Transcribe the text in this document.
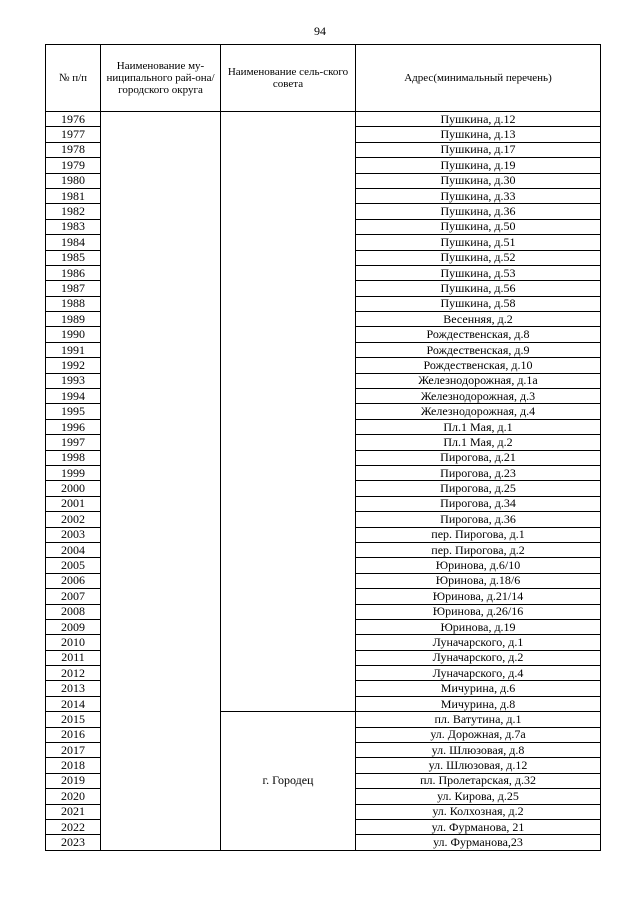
94
№ п/п	Наименование му-ниципального рай-она/ городского округа	Наименование сель-ского совета	Адрес(минимальный перечень)
1976			Пушкина, д.12
1977			Пушкина, д.13
1978			Пушкина, д.17
1979			Пушкина, д.19
1980			Пушкина, д.30
1981			Пушкина, д.33
1982			Пушкина, д.36
1983			Пушкина, д.50
1984			Пушкина, д.51
1985			Пушкина, д.52
1986			Пушкина, д.53
1987			Пушкина, д.56
1988			Пушкина, д.58
1989			Весенняя, д.2
1990			Рождественская, д.8
1991			Рождественская, д.9
1992			Рождественская, д.10
1993			Железнодорожная, д.1а
1994			Железнодорожная, д.3
1995			Железнодорожная, д.4
1996			Пл.1 Мая, д.1
1997			Пл.1 Мая, д.2
1998			Пирогова, д.21
1999			Пирогова, д.23
2000			Пирогова, д.25
2001			Пирогова, д.34
2002			Пирогова, д.36
2003			пер. Пирогова, д.1
2004			пер. Пирогова, д.2
2005			Юринова, д.6/10
2006			Юринова, д.18/6
2007			Юринова, д.21/14
2008			Юринова, д.26/16
2009			Юринова, д.19
2010			Луначарского, д.1
2011			Луначарского, д.2
2012			Луначарского, д.4
2013			Мичурина, д.6
2014			Мичурина, д.8
2015		г. Городец	пл. Ватутина, д.1
2016			ул. Дорожная, д.7а
2017			ул. Шлюзовая, д.8
2018			ул. Шлюзовая, д.12
2019			пл. Пролетарская, д.32
2020			ул. Кирова, д.25
2021			ул. Колхозная, д.2
2022			ул. Фурманова, 21
2023			ул. Фурманова,23
